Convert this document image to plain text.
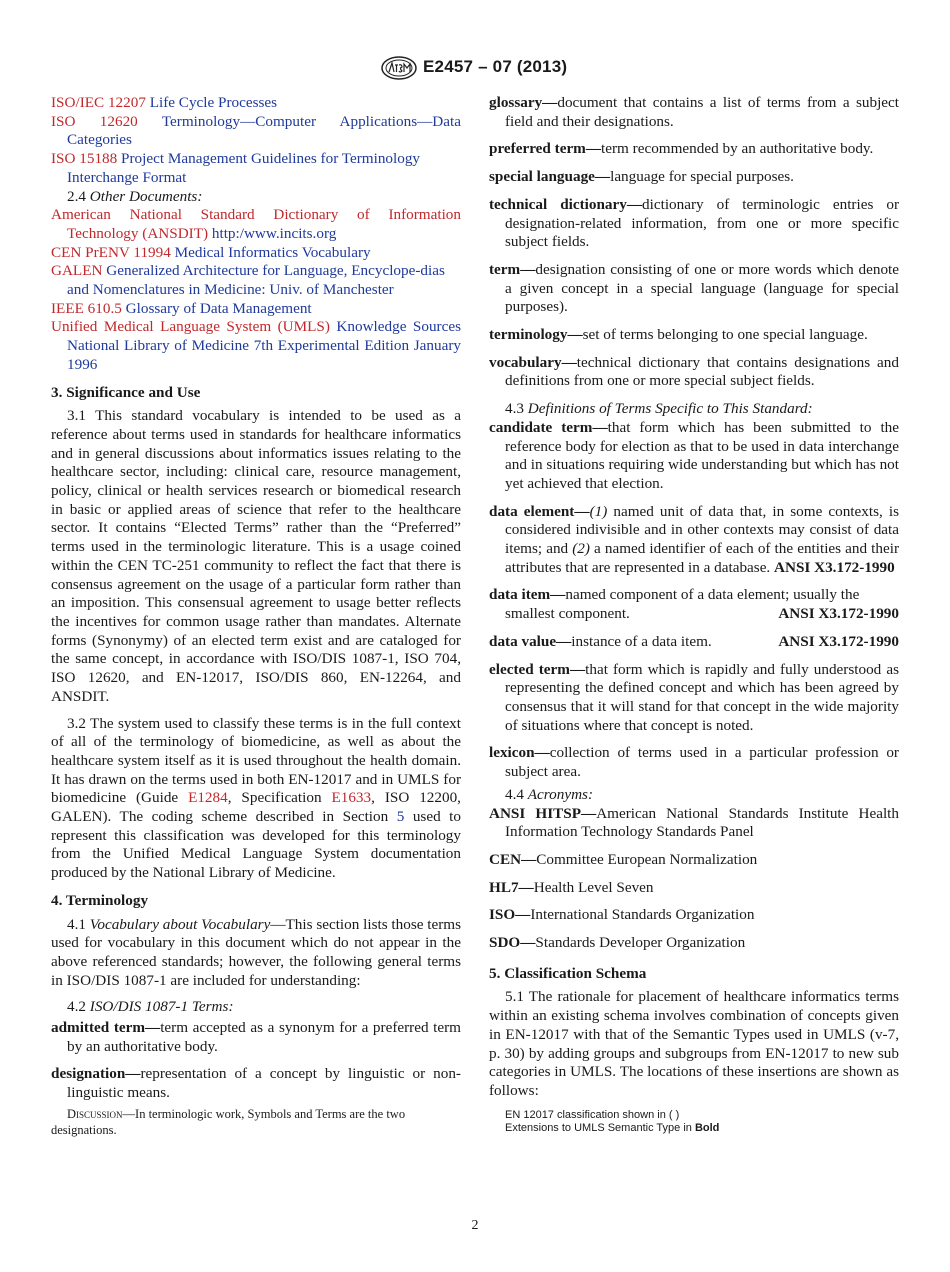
E2457 – 07 (2013)
ISO/IEC 12207 Life Cycle Processes
ISO 12620 Terminology—Computer Applications—Data Categories
ISO 15188 Project Management Guidelines for Terminology Interchange Format
2.4 Other Documents:
American National Standard Dictionary of Information Technology (ANSDIT) http:/www.incits.org
CEN PrENV 11994 Medical Informatics Vocabulary
GALEN Generalized Architecture for Language, Encyclope-dias and Nomenclatures in Medicine: Univ. of Manchester
IEEE 610.5 Glossary of Data Management
Unified Medical Language System (UMLS) Knowledge Sources National Library of Medicine 7th Experimental Edition January 1996
3. Significance and Use
3.1 This standard vocabulary is intended to be used as a reference about terms used in standards for healthcare informatics and in general discussions about informatics issues relating to the healthcare sector, including: clinical care, resource management, policy, clinical or health services research or biomedical research in basic or applied areas of science that refer to the healthcare sector. It contains “Elected Terms” rather than the “Preferred” terms used in the terminologic literature. This is a usage coined within the CEN TC-251 community to reflect the fact that there is consensus agreement on the usage of a particular form rather than an imposition. This consensual agreement to usage better reflects the incentives for common usage rather than mandates. Alternate forms (Synonymy) of an elected term exist and are cataloged for the same concept, in accordance with ISO/DIS 1087-1, ISO 704, ISO 12620, and EN-12017, ISO/DIS 860, EN-12264, and ANSDIT.
3.2 The system used to classify these terms is in the full context of all of the terminology of biomedicine, as well as about the healthcare system itself as it is used throughout the health domain. It has drawn on the terms used in both EN-12017 and in UMLS for biomedicine (Guide E1284, Specification E1633, ISO 12200, GALEN). The coding scheme described in Section 5 used to represent this classification was developed for this terminology from the Unified Medical Language System documentation produced by the National Library of Medicine.
4. Terminology
4.1 Vocabulary about Vocabulary—This section lists those terms used for vocabulary in this document which do not appear in the above referenced standards; however, the following general terms in ISO/DIS 1087-1 are included for understanding:
4.2 ISO/DIS 1087-1 Terms:
admitted term—term accepted as a synonym for a preferred term by an authoritative body.
designation—representation of a concept by linguistic or non-linguistic means.
Discussion—In terminologic work, Symbols and Terms are the two designations.
glossary—document that contains a list of terms from a subject field and their designations.
preferred term—term recommended by an authoritative body.
special language—language for special purposes.
technical dictionary—dictionary of terminologic entries or designation-related information, from one or more specific subject fields.
term—designation consisting of one or more words which denote a given concept in a special language (language for special purposes).
terminology—set of terms belonging to one special language.
vocabulary—technical dictionary that contains designations and definitions from one or more special subject fields.
4.3 Definitions of Terms Specific to This Standard:
candidate term—that form which has been submitted to the reference body for election as that to be used in data interchange and in situations requiring wide understanding but which has not yet achieved that election.
data element—(1) named unit of data that, in some contexts, is considered indivisible and in other contexts may consist of data items; and (2) a named identifier of each of the entities and their attributes that are represented in a database. ANSI X3.172-1990
data item—named component of a data element; usually the
smallest component.	ANSI X3.172-1990
data value—instance of a data item.	ANSI X3.172-1990
elected term—that form which is rapidly and fully understood as representing the defined concept and which has been agreed by consensus that it will stand for that concept in the wide majority of situations where that concept is noted.
lexicon—collection of terms used in a particular profession or subject area.
4.4 Acronyms:
ANSI HITSP—American National Standards Institute Health Information Technology Standards Panel
CEN—Committee European Normalization
HL7—Health Level Seven
ISO—International Standards Organization
SDO—Standards Developer Organization
5. Classification Schema
5.1 The rationale for placement of healthcare informatics terms within an existing schema involves combination of concepts given in EN-12017 with that of the Semantic Types used in UMLS (v-7, p. 30) by adding groups and subgroups from EN-12017 to new sub categories in UMLS. The locations of these insertions are shown as follows:
EN 12017 classification shown in ( )
Extensions to UMLS Semantic Type in Bold
2
